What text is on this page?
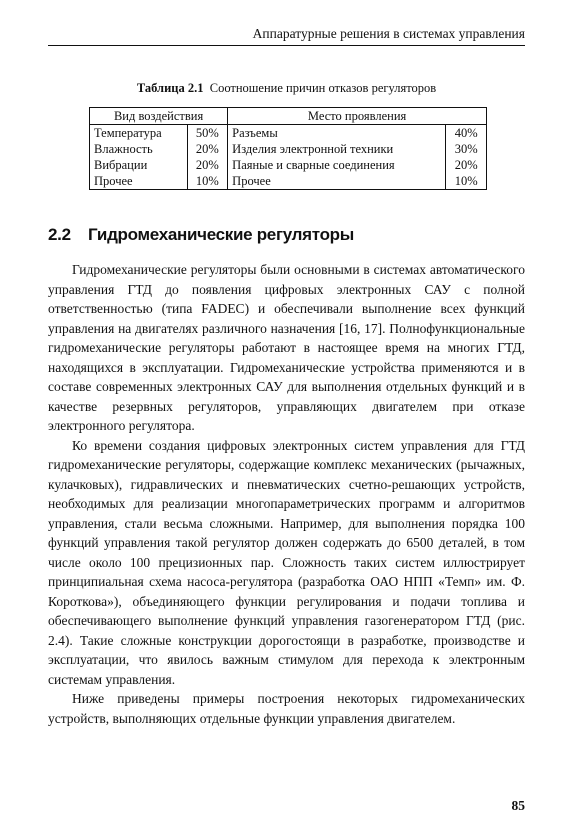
Аппаратурные решения в системах управления
Таблица 2.1 Соотношение причин отказов регуляторов
Вид воздействия		Место проявления	
Температура	50%	Разъемы	40%
Влажность	20%	Изделия электронной техники	30%
Вибрации	20%	Паяные и сварные соединения	20%
Прочее	10%	Прочее	10%
2.2 Гидромеханические регуляторы

Гидромеханические регуляторы были основными в системах автоматического управления ГТД до появления цифровых электронных САУ с полной ответственностью (типа FADEC) и обеспечивали выполнение всех функций управления на двигателях различного назначения [16, 17]. Полнофункциональные гидромеханические регуляторы работают в настоящее время на многих ГТД, находящихся в эксплуатации. Гидромеханические устройства применяются и в составе современных электронных САУ для выполнения отдельных функций и в качестве резервных регуляторов, управляющих двигателем при отказе электронного регулятора.

Ко времени создания цифровых электронных систем управления для ГТД гидромеханические регуляторы, содержащие комплекс механических (рычажных, кулачковых), гидравлических и пневматических счетно-решающих устройств, необходимых для реализации многопараметрических программ и алгоритмов управления, стали весьма сложными. Например, для выполнения порядка 100 функций управления такой регулятор должен содержать до 6500 деталей, в том числе около 100 прецизионных пар. Сложность таких систем иллюстрирует принципиальная схема насоса-регулятора (разработка ОАО НПП «Темп» им. Ф. Короткова»), объединяющего функции регулирования и подачи топлива и обеспечивающего выполнение функций управления газогенератором ГТД (рис. 2.4). Такие сложные конструкции дорогостоящи в разработке, производстве и эксплуатации, что явилось важным стимулом для перехода к электронным системам управления.

Ниже приведены примеры построения некоторых гидромеханических устройств, выполняющих отдельные функции управления двигателем.

85
